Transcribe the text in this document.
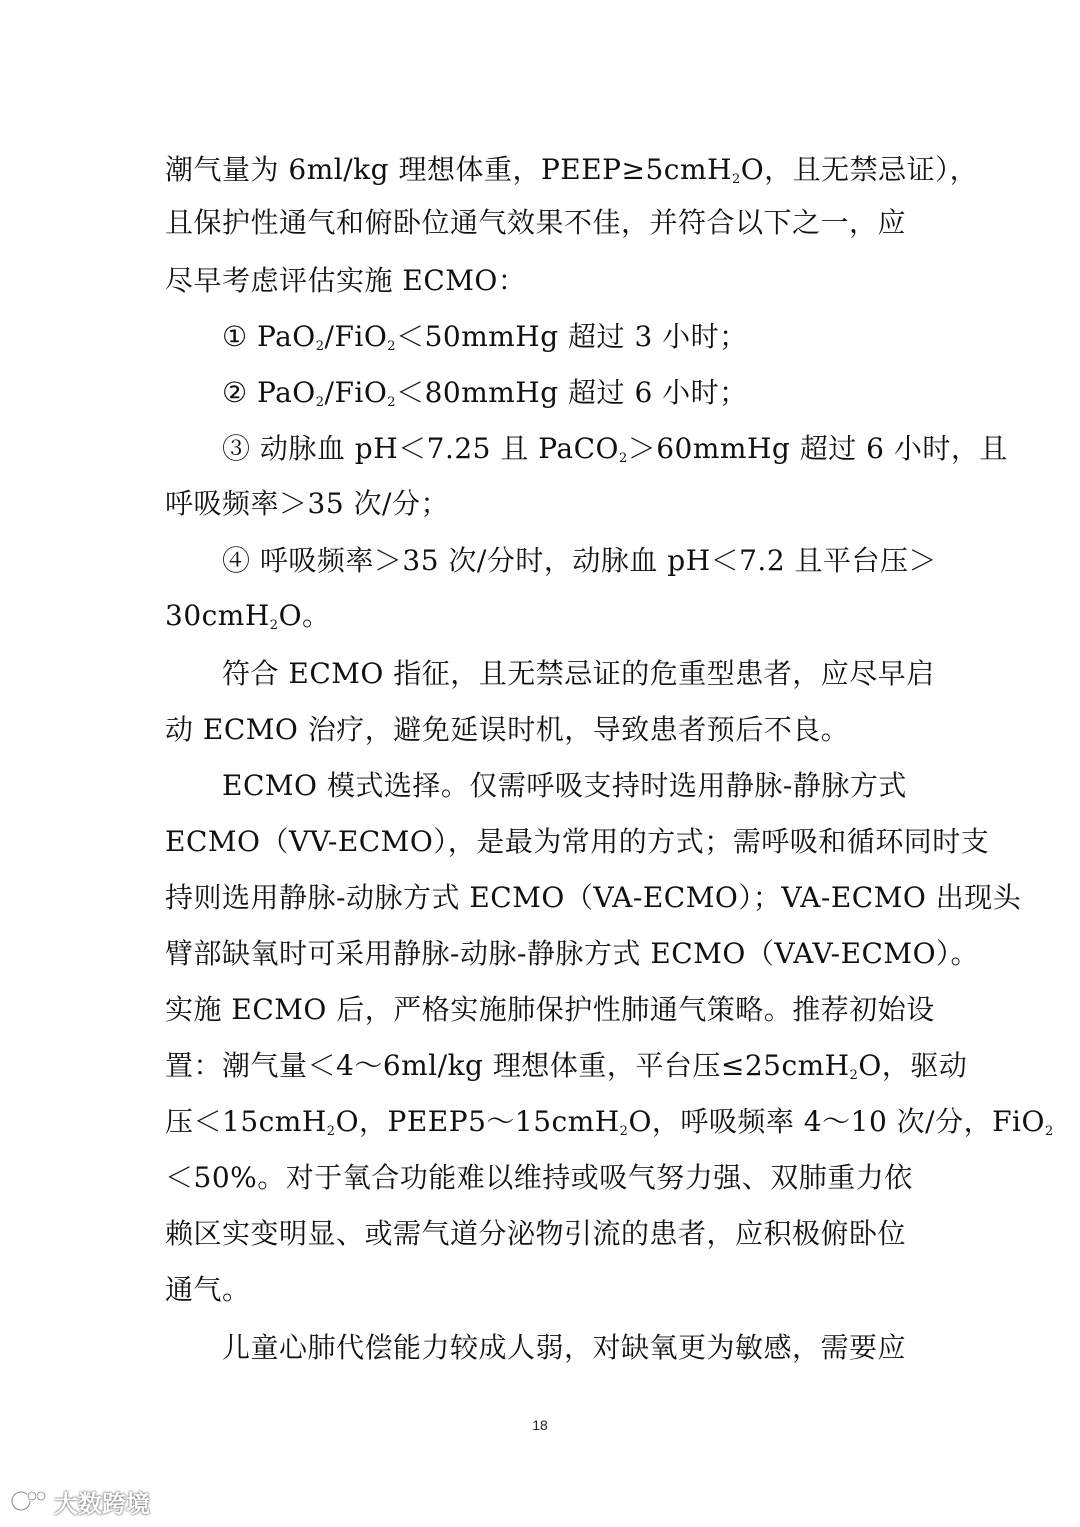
潮气量为 6ml/kg 理想体重，PEEP≥5cmH$_2$O，且无禁忌证），
且保护性通气和俯卧位通气效果不佳，并符合以下之一，应
尽早考虑评估实施 ECMO：
① PaO$_2$/FiO$_2$＜50mmHg 超过 3 小时；
② PaO$_2$/FiO$_2$＜80mmHg 超过 6 小时；
③ 动脉血 pH＜7.25 且 PaCO$_2$＞60mmHg 超过 6 小时，且
呼吸频率＞35 次/分；
④ 呼吸频率＞35 次/分时，动脉血 pH＜7.2 且平台压＞
30cmH$_2$O。
符合 ECMO 指征，且无禁忌证的危重型患者，应尽早启
动 ECMO 治疗，避免延误时机，导致患者预后不良。
ECMO 模式选择。仅需呼吸支持时选用静脉-静脉方式
ECMO（VV-ECMO），是最为常用的方式；需呼吸和循环同时支
持则选用静脉-动脉方式 ECMO（VA-ECMO）；VA-ECMO 出现头
臂部缺氧时可采用静脉-动脉-静脉方式 ECMO（VAV-ECMO）。
实施 ECMO 后，严格实施肺保护性肺通气策略。推荐初始设
置：潮气量＜4～6ml/kg 理想体重，平台压≤25cmH$_2$O，驱动
压＜15cmH$_2$O，PEEP5～15cmH$_2$O，呼吸频率 4～10 次/分，FiO$_2$
＜50%。对于氧合功能难以维持或吸气努力强、双肺重力依
赖区实变明显、或需气道分泌物引流的患者，应积极俯卧位
通气。
儿童心肺代偿能力较成人弱，对缺氧更为敏感，需要应
18
大数跨境
